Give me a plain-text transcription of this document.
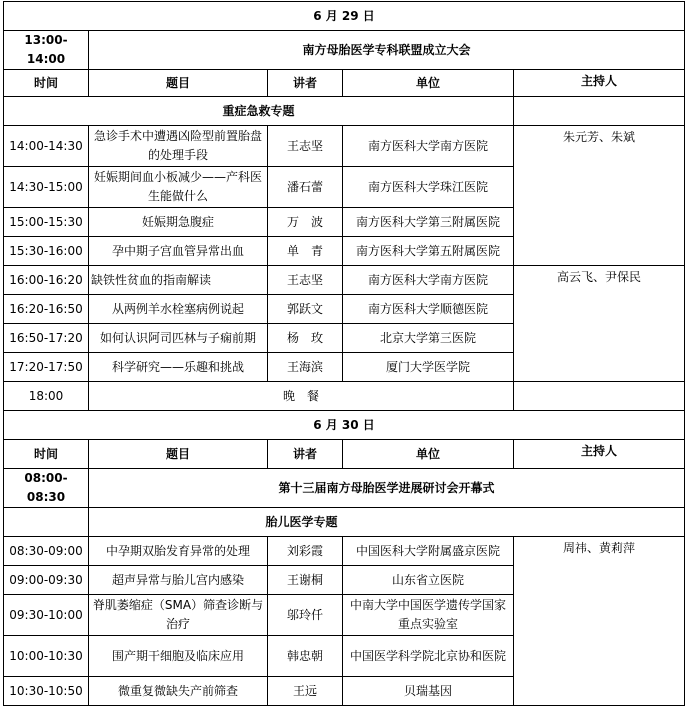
6 月 29 日				
13:00-14:00	南方母胎医学专科联盟成立大会			
时间	题目	讲者	单位	主持人
重症急救专题				
14:00-14:30	急诊手术中遭遇凶险型前置胎盘的处理手段	王志坚	南方医科大学南方医院	朱元芳、朱斌
14:30-15:00	妊娠期间血小板减少——产科医生能做什么	潘石蕾	南方医科大学珠江医院	
15:00-15:30	妊娠期急腹症	万　波	南方医科大学第三附属医院	
15:30-16:00	孕中期子宫血管异常出血	单　青	南方医科大学第五附属医院	
16:00-16:20	缺铁性贫血的指南解读	王志坚	南方医科大学南方医院	高云飞、尹保民
16:20-16:50	从两例羊水栓塞病例说起	郭跃文	南方医科大学顺德医院	
16:50-17:20	如何认识阿司匹林与子痫前期	杨　玫	北京大学第三医院	
17:20-17:50	科学研究——乐趣和挑战	王海滨	厦门大学医学院	
18:00	晚　餐			
6 月 30 日				
时间	题目	讲者	单位	主持人
08:00-08:30	第十三届南方母胎医学进展研讨会开幕式			
	胎儿医学专题			
08:30-09:00	中孕期双胎发育异常的处理	刘彩霞	中国医科大学附属盛京医院	周祎、黄莉萍
09:00-09:30	超声异常与胎儿宫内感染	王谢桐	山东省立医院	
09:30-10:00	脊肌萎缩症（SMA）筛查诊断与治疗	邬玲仟	中南大学中国医学遗传学国家重点实验室	
10:00-10:30	围产期干细胞及临床应用	韩忠朝	中国医学科学院北京协和医院	
10:30-10:50	微重复微缺失产前筛查	王远	贝瑞基因	
